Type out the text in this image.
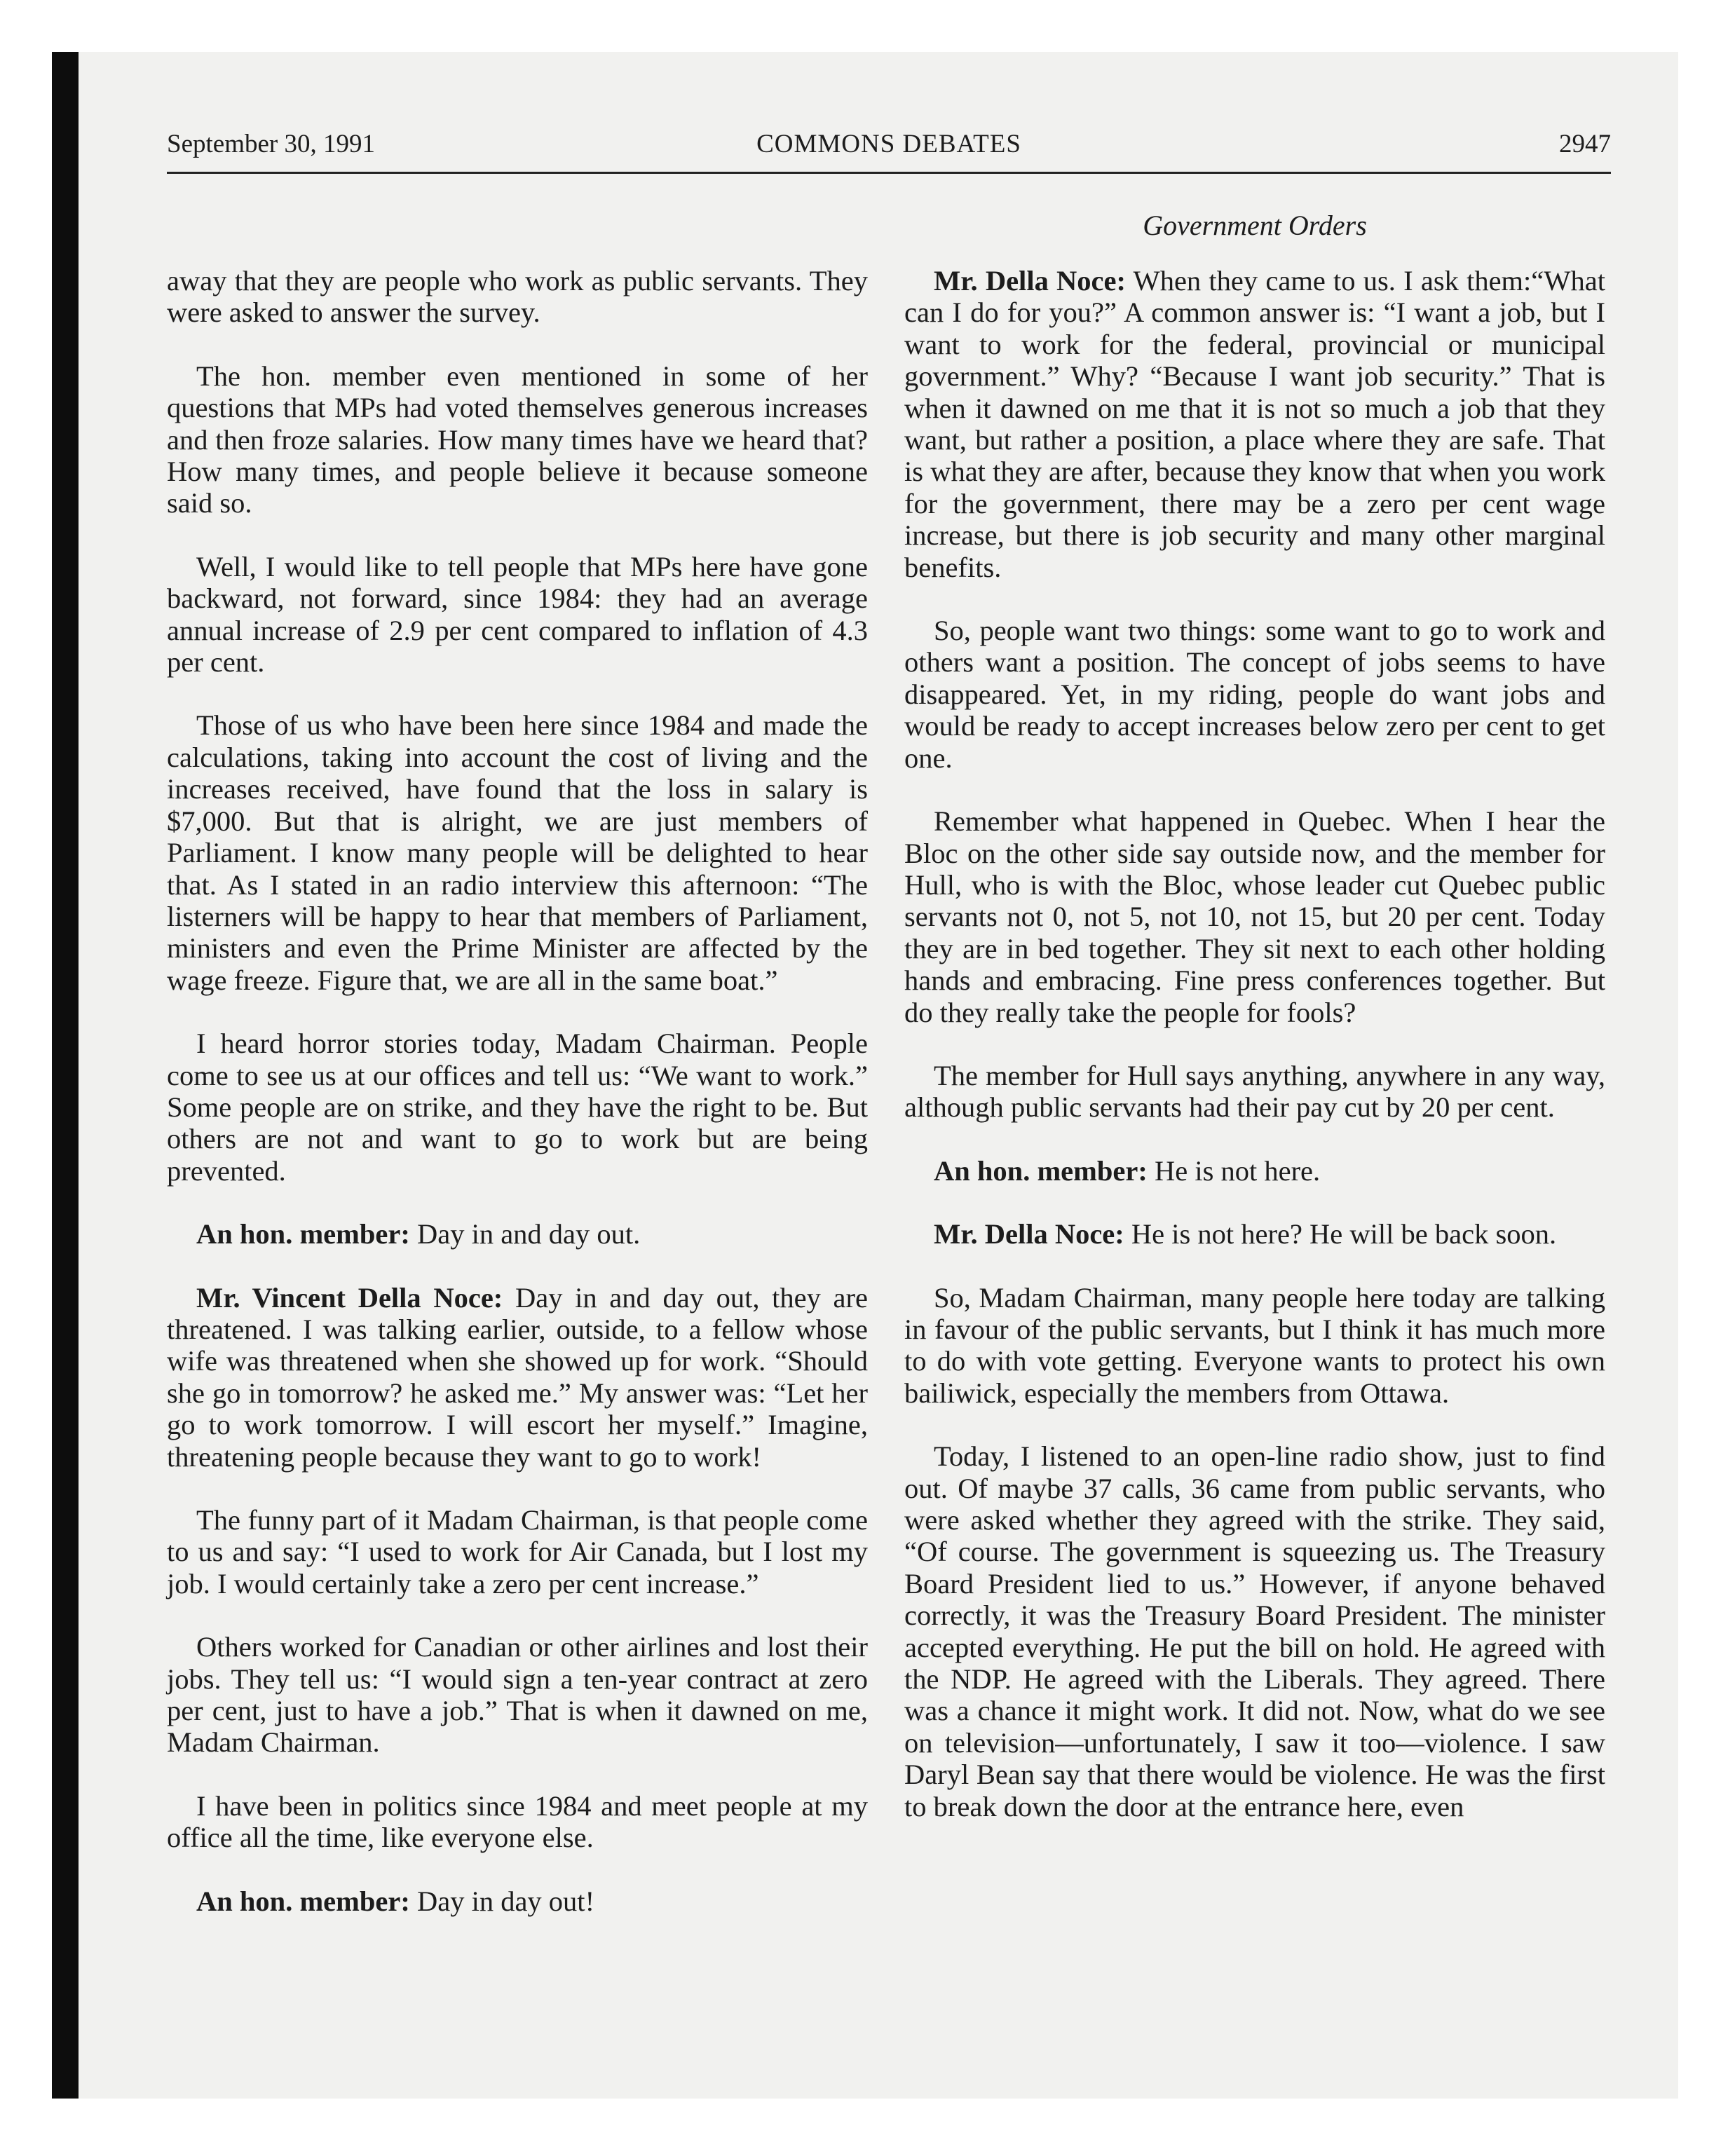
September 30, 1991	COMMONS DEBATES	2947
Government Orders

away that they are people who work as public servants. They were asked to answer the survey.

The hon. member even mentioned in some of her questions that MPs had voted themselves generous increases and then froze salaries. How many times have we heard that? How many times, and people believe it because someone said so.

Well, I would like to tell people that MPs here have gone backward, not forward, since 1984: they had an average annual increase of 2.9 per cent compared to inflation of 4.3 per cent.

Those of us who have been here since 1984 and made the calculations, taking into account the cost of living and the increases received, have found that the loss in salary is $7,000. But that is alright, we are just members of Parliament. I know many people will be delighted to hear that. As I stated in an radio interview this afternoon: “The listerners will be happy to hear that members of Parliament, ministers and even the Prime Minister are affected by the wage freeze. Figure that, we are all in the same boat.”

I heard horror stories today, Madam Chairman. People come to see us at our offices and tell us: “We want to work.” Some people are on strike, and they have the right to be. But others are not and want to go to work but are being prevented.

An hon. member: Day in and day out.

Mr. Vincent Della Noce: Day in and day out, they are threatened. I was talking earlier, outside, to a fellow whose wife was threatened when she showed up for work. “Should she go in tomorrow? he asked me.” My answer was: “Let her go to work tomorrow. I will escort her myself.” Imagine, threatening people because they want to go to work!

The funny part of it Madam Chairman, is that people come to us and say: “I used to work for Air Canada, but I lost my job. I would certainly take a zero per cent increase.”

Others worked for Canadian or other airlines and lost their jobs. They tell us: “I would sign a ten-year contract at zero per cent, just to have a job.” That is when it dawned on me, Madam Chairman.

I have been in politics since 1984 and meet people at my office all the time, like everyone else.

An hon. member: Day in day out!

Mr. Della Noce: When they came to us. I ask them:“What can I do for you?” A common answer is: “I want a job, but I want to work for the federal, provincial or municipal government.” Why? “Because I want job security.” That is when it dawned on me that it is not so much a job that they want, but rather a position, a place where they are safe. That is what they are after, because they know that when you work for the government, there may be a zero per cent wage increase, but there is job security and many other marginal benefits.

So, people want two things: some want to go to work and others want a position. The concept of jobs seems to have disappeared. Yet, in my riding, people do want jobs and would be ready to accept increases below zero per cent to get one.

Remember what happened in Quebec. When I hear the Bloc on the other side say outside now, and the member for Hull, who is with the Bloc, whose leader cut Quebec public servants not 0, not 5, not 10, not 15, but 20 per cent. Today they are in bed together. They sit next to each other holding hands and embracing. Fine press conferences together. But do they really take the people for fools?

The member for Hull says anything, anywhere in any way, although public servants had their pay cut by 20 per cent.

An hon. member: He is not here.

Mr. Della Noce: He is not here? He will be back soon.

So, Madam Chairman, many people here today are talking in favour of the public servants, but I think it has much more to do with vote getting. Everyone wants to protect his own bailiwick, especially the members from Ottawa.

Today, I listened to an open-line radio show, just to find out. Of maybe 37 calls, 36 came from public servants, who were asked whether they agreed with the strike. They said, “Of course. The government is squeezing us. The Treasury Board President lied to us.” However, if anyone behaved correctly, it was the Treasury Board President. The minister accepted everything. He put the bill on hold. He agreed with the NDP. He agreed with the Liberals. They agreed. There was a chance it might work. It did not. Now, what do we see on television—unfortunately, I saw it too—violence. I saw Daryl Bean say that there would be violence. He was the first to break down the door at the entrance here, even
